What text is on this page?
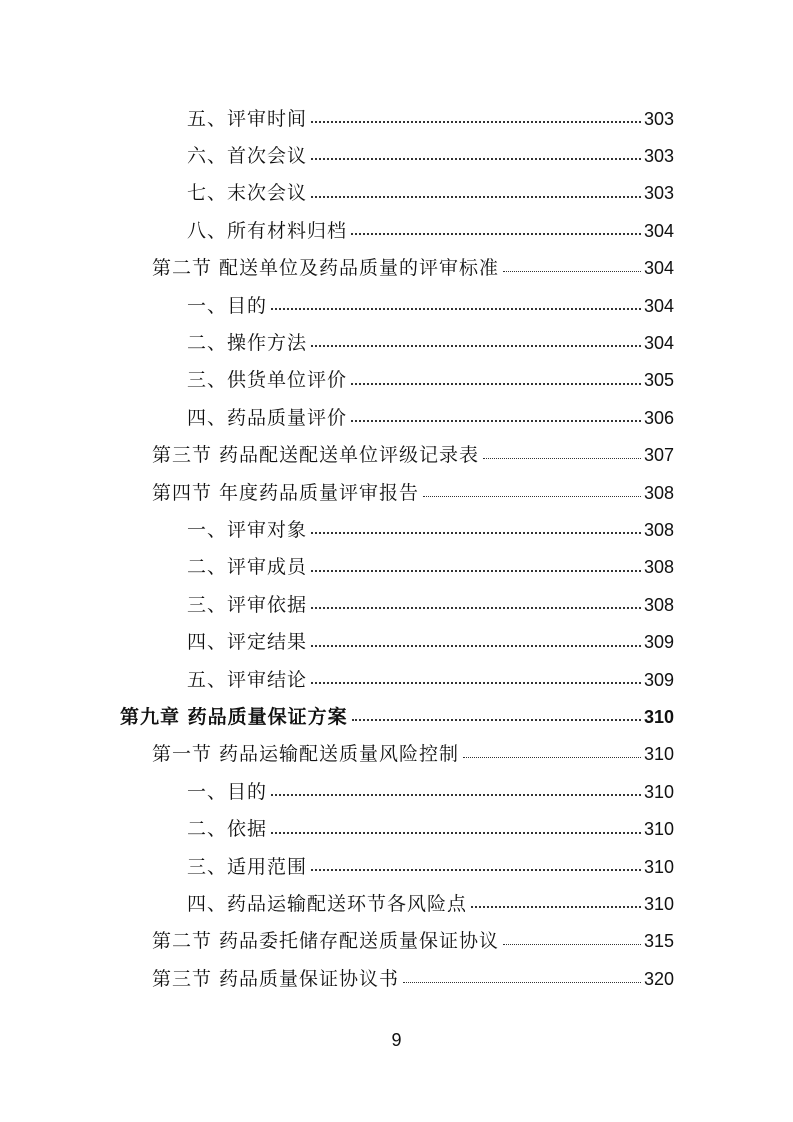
五、评审时间	303
六、首次会议	303
七、末次会议	303
八、所有材料归档	304
第二节 配送单位及药品质量的评审标准	304
一、目的	304
二、操作方法	304
三、供货单位评价	305
四、药品质量评价	306
第三节 药品配送配送单位评级记录表	307
第四节 年度药品质量评审报告	308
一、评审对象	308
二、评审成员	308
三、评审依据	308
四、评定结果	309
五、评审结论	309
第九章 药品质量保证方案	310
第一节 药品运输配送质量风险控制	310
一、目的	310
二、依据	310
三、适用范围	310
四、药品运输配送环节各风险点	310
第二节 药品委托储存配送质量保证协议	315
第三节 药品质量保证协议书	320
9
